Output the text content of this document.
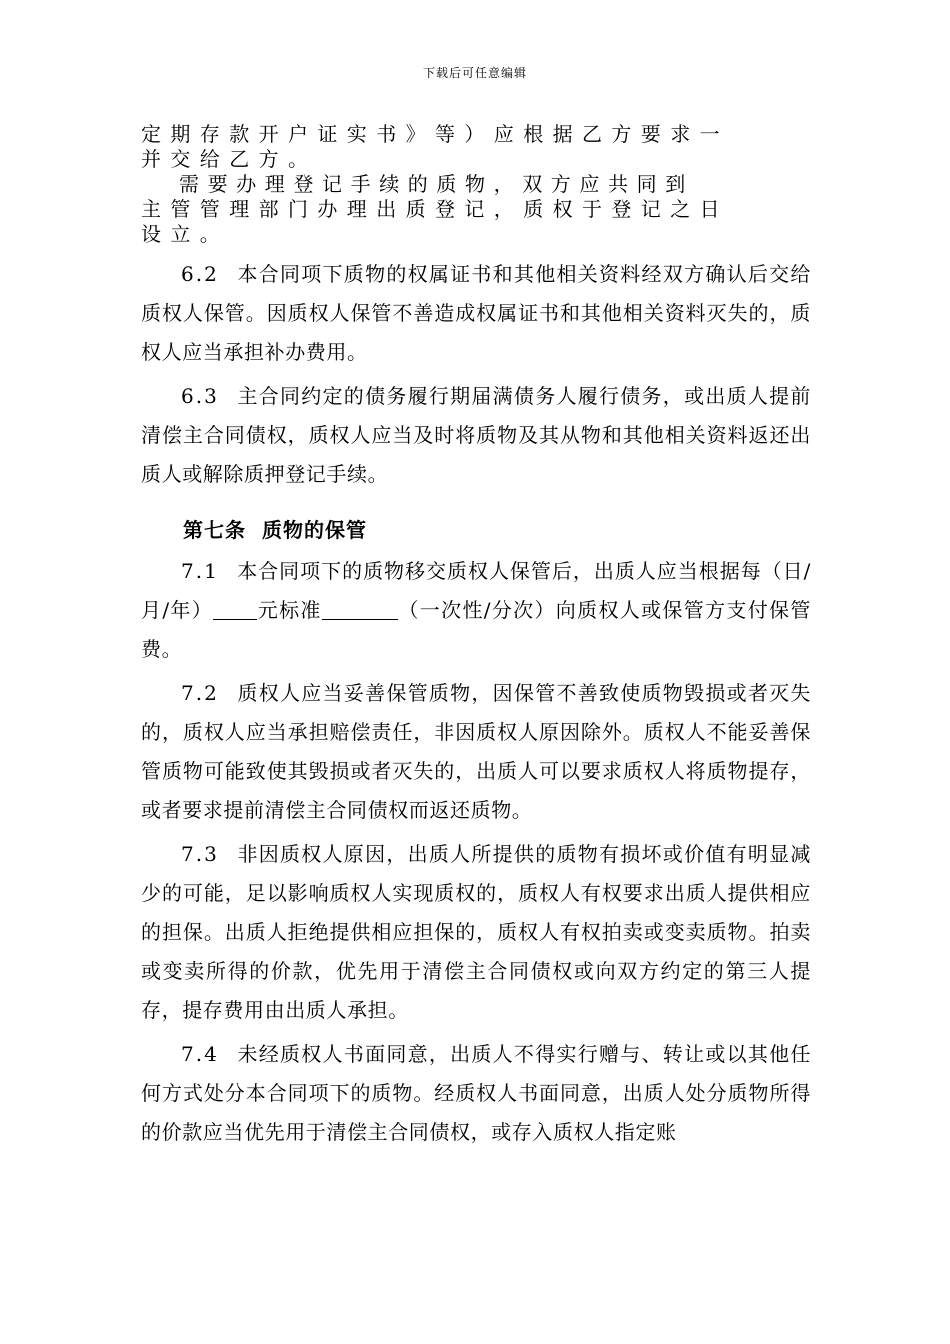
下载后可任意编辑

定期存款开户证实书》等）应根据乙方要求一

并交给乙方。

需要办理登记手续的质物，双方应共同到

主管管理部门办理出质登记，质权于登记之日

设立。

6.2 本合同项下质物的权属证书和其他相关资料经双方确认后交给质权人保管。因质权人保管不善造成权属证书和其他相关资料灭失的，质权人应当承担补办费用。

6.3 主合同约定的债务履行期届满债务人履行债务，或出质人提前清偿主合同债权，质权人应当及时将质物及其从物和其他相关资料返还出质人或解除质押登记手续。

第七条 质物的保管

7.1 本合同项下的质物移交质权人保管后，出质人应当根据每（日/月/年） 元标准	（一次性/分次）向质权人或保管方支付保管费。

7.2 质权人应当妥善保管质物，因保管不善致使质物毁损或者灭失的，质权人应当承担赔偿责任，非因质权人原因除外。质权人不能妥善保管质物可能致使其毁损或者灭失的，出质人可以要求质权人将质物提存，或者要求提前清偿主合同债权而返还质物。

7.3 非因质权人原因，出质人所提供的质物有损坏或价值有明显减少的可能，足以影响质权人实现质权的，质权人有权要求出质人提供相应的担保。出质人拒绝提供相应担保的，质权人有权拍卖或变卖质物。拍卖或变卖所得的价款，优先用于清偿主合同债权或向双方约定的第三人提存，提存费用由出质人承担。

7.4 未经质权人书面同意，出质人不得实行赠与、转让或以其他任何方式处分本合同项下的质物。经质权人书面同意，出质人处分质物所得的价款应当优先用于清偿主合同债权，或存入质权人指定账
